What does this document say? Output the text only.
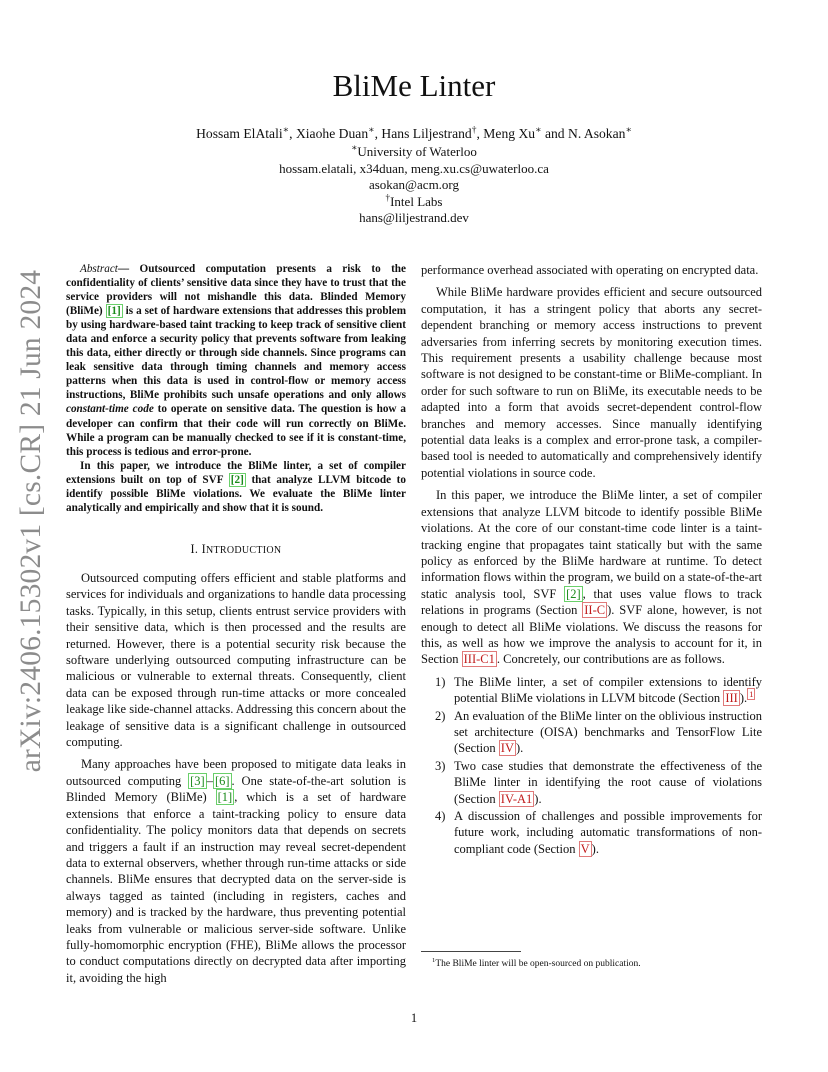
arXiv:2406.15302v1 [cs.CR] 21 Jun 2024
BliMe Linter
Hossam ElAtali∗, Xiaohe Duan∗, Hans Liljestrand†, Meng Xu∗ and N. Asokan∗
∗University of Waterloo
hossam.elatali, x34duan, meng.xu.cs@uwaterloo.ca
asokan@acm.org
†Intel Labs
hans@liljestrand.dev

Abstract— Outsourced computation presents a risk to the confidentiality of clients’ sensitive data since they have to trust that the service providers will not mishandle this data. Blinded Memory (BliMe) [1] is a set of hardware extensions that addresses this problem by using hardware-based taint tracking to keep track of sensitive client data and enforce a security policy that prevents software from leaking this data, either directly or through side channels. Since programs can leak sensitive data through timing channels and memory access patterns when this data is used in control-flow or memory access instructions, BliMe prohibits such unsafe operations and only allows constant-time code to operate on sensitive data. The question is how a developer can confirm that their code will run correctly on BliMe. While a program can be manually checked to see if it is constant-time, this process is tedious and error-prone.

In this paper, we introduce the BliMe linter, a set of compiler extensions built on top of SVF [2] that analyze LLVM bitcode to identify possible BliMe violations. We evaluate the BliMe linter analytically and empirically and show that it is sound.

I. INTRODUCTION

Outsourced computing offers efficient and stable platforms and services for individuals and organizations to handle data processing tasks. Typically, in this setup, clients entrust service providers with their sensitive data, which is then processed and the results are returned. However, there is a potential security risk because the software underlying outsourced computing infrastructure can be malicious or vulnerable to external threats. Consequently, client data can be exposed through run-time attacks or more concealed leakage like side-channel attacks. Addressing this concern about the leakage of sensitive data is a significant challenge in outsourced computing.

Many approaches have been proposed to mitigate data leaks in outsourced computing [3] – [6] . One state-of-the-art solution is Blinded Memory (BliMe) [1] , which is a set of hardware extensions that enforce a taint-tracking policy to ensure data confidentiality. The policy monitors data that depends on secrets and triggers a fault if an instruction may reveal secret-dependent data to external observers, whether through run-time attacks or side channels. BliMe ensures that decrypted data on the server-side is always tagged as tainted (including in registers, caches and memory) and is tracked by the hardware, thus preventing potential leaks from vulnerable or malicious server-side software. Unlike fully-homomorphic encryption (FHE), BliMe allows the processor to conduct computations directly on decrypted data after importing it, avoiding the high

performance overhead associated with operating on encrypted data.

While BliMe hardware provides efficient and secure outsourced computation, it has a stringent policy that aborts any secret-dependent branching or memory access instructions to prevent adversaries from inferring secrets by monitoring execution times. This requirement presents a usability challenge because most software is not designed to be constant-time or BliMe-compliant. In order for such software to run on BliMe, its executable needs to be adapted into a form that avoids secret-dependent control-flow branches and memory accesses. Since manually identifying potential data leaks is a complex and error-prone task, a compiler-based tool is needed to automatically and comprehensively identify potential violations in source code.

In this paper, we introduce the BliMe linter, a set of compiler extensions that analyze LLVM bitcode to identify possible BliMe violations. At the core of our constant-time code linter is a taint-tracking engine that propagates taint statically but with the same policy as enforced by the BliMe hardware at runtime. To detect information flows within the program, we build on a state-of-the-art static analysis tool, SVF [2] , that uses value flows to track relations in programs (Section II-C ). SVF alone, however, is not enough to detect all BliMe violations. We discuss the reasons for this, as well as how we improve the analysis to account for it, in Section III-C1 . Concretely, our contributions are as follows.

1) The BliMe linter, a set of compiler extensions to identify potential BliMe violations in LLVM bitcode (Section III ). $^1$
2) An evaluation of the BliMe linter on the oblivious instruction set architecture (OISA) benchmarks and TensorFlow Lite (Section IV ).
3) Two case studies that demonstrate the effectiveness of the BliMe linter in identifying the root cause of violations (Section IV-A1 ).
4) A discussion of challenges and possible improvements for future work, including automatic transformations of non-compliant code (Section V ).
$^1$The BliMe linter will be open-sourced on publication.
1
